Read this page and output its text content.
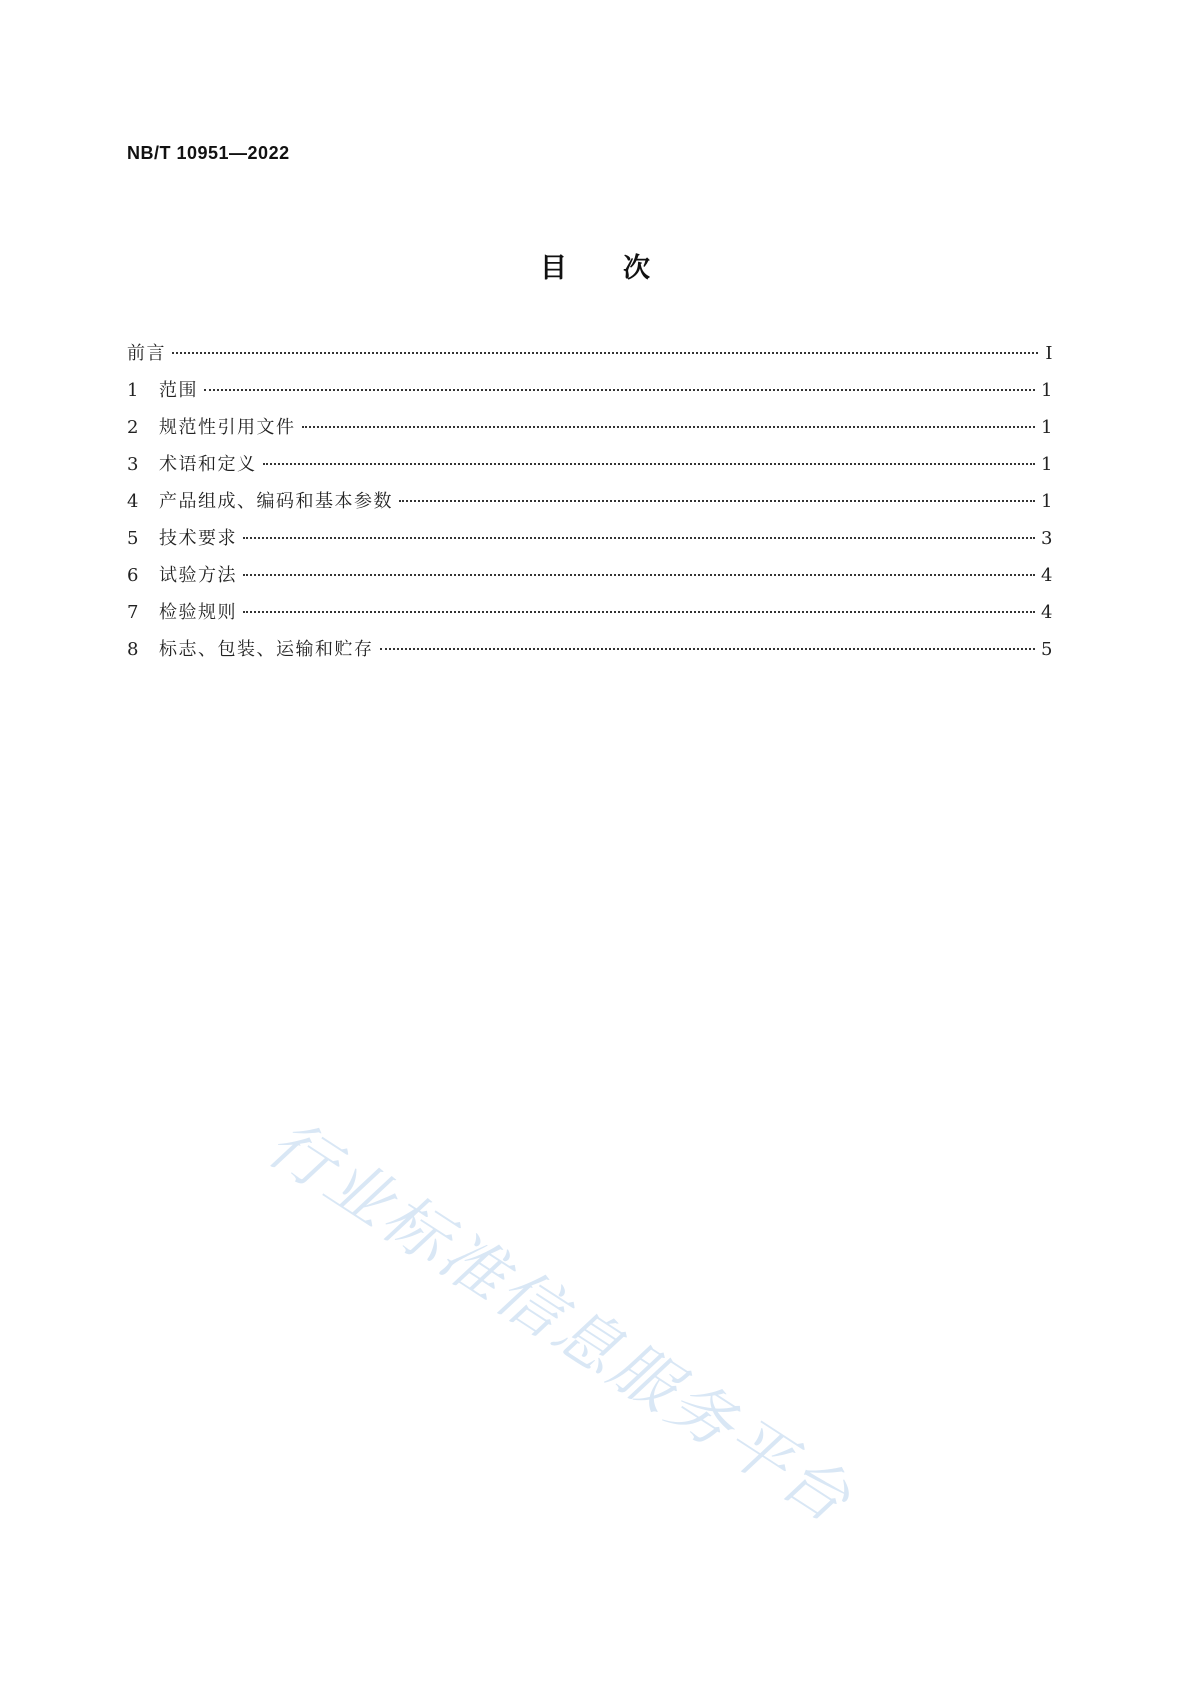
NB/T 10951—2022
目次
前言	Ⅰ
1	范围	1
2	规范性引用文件	1
3	术语和定义	1
4	产品组成、编码和基本参数	1
5	技术要求	3
6	试验方法	4
7	检验规则	4
8	标志、包装、运输和贮存	5
行业标准信息服务平台
